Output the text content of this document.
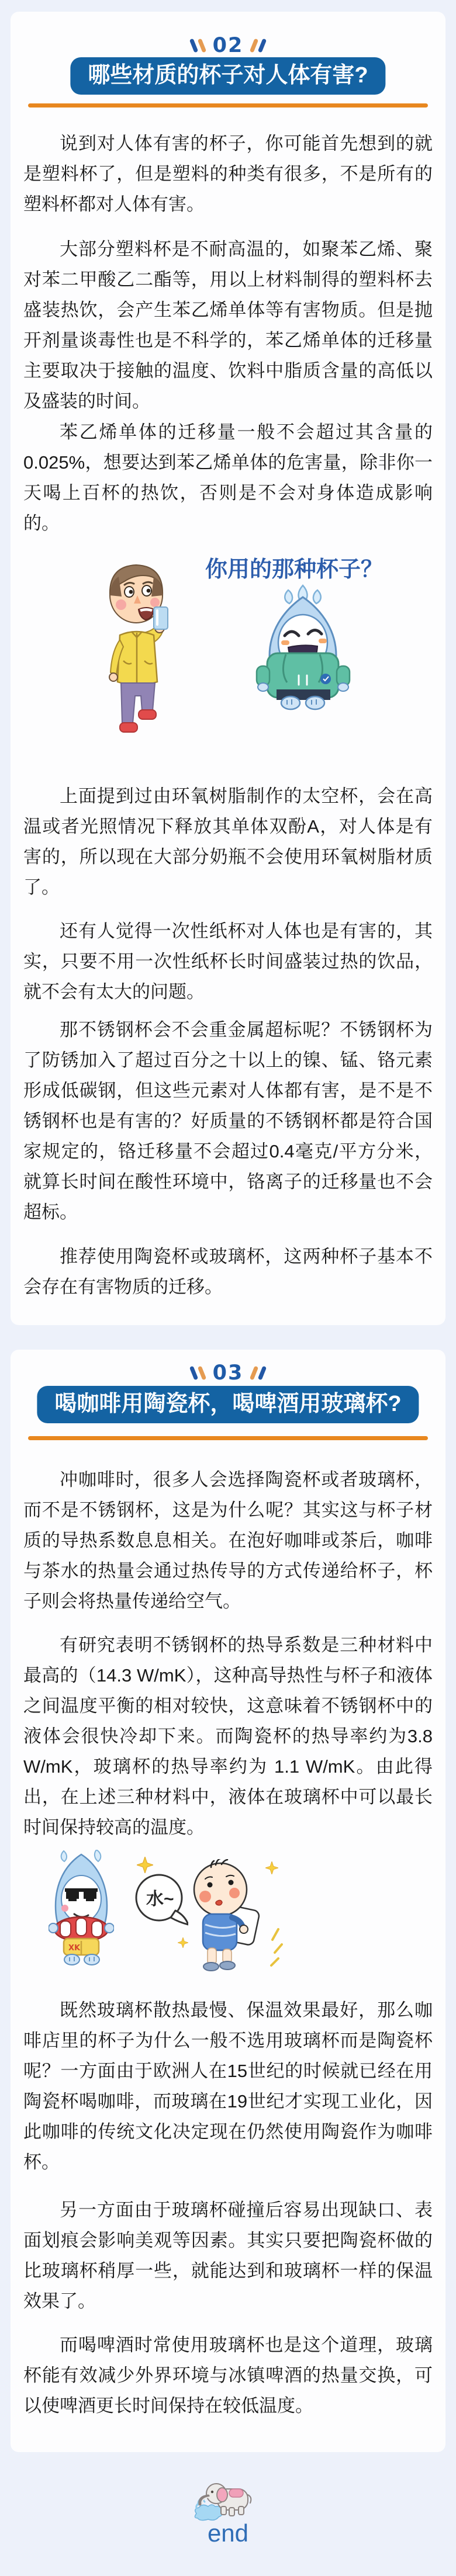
02
哪些材质的杯子对人体有害?

说到对人体有害的杯子，你可能首先想到的就是塑料杯了，但是塑料的种类有很多，不是所有的塑料杯都对人体有害。

大部分塑料杯是不耐高温的，如聚苯乙烯、聚对苯二甲酸乙二酯等，用以上材料制得的塑料杯去盛装热饮，会产生苯乙烯单体等有害物质。但是抛开剂量谈毒性也是不科学的，苯乙烯单体的迁移量主要取决于接触的温度、饮料中脂质含量的高低以及盛装的时间。

苯乙烯单体的迁移量一般不会超过其含量的0.025%，想要达到苯乙烯单体的危害量，除非你一天喝上百杯的热饮，否则是不会对身体造成影响的。

你用的那种杯子？

上面提到过由环氧树脂制作的太空杯，会在高温或者光照情况下释放其单体双酚A，对人体是有害的，所以现在大部分奶瓶不会使用环氧树脂材质了。

还有人觉得一次性纸杯对人体也是有害的，其实，只要不用一次性纸杯长时间盛装过热的饮品，就不会有太大的问题。

那不锈钢杯会不会重金属超标呢？不锈钢杯为了防锈加入了超过百分之十以上的镍、锰、铬元素形成低碳钢，但这些元素对人体都有害，是不是不锈钢杯也是有害的？好质量的不锈钢杯都是符合国家规定的，铬迁移量不会超过0.4毫克/平方分米，就算长时间在酸性环境中，铬离子的迁移量也不会超标。

推荐使用陶瓷杯或玻璃杯，这两种杯子基本不会存在有害物质的迁移。

03
喝咖啡用陶瓷杯，喝啤酒用玻璃杯?

冲咖啡时，很多人会选择陶瓷杯或者玻璃杯，而不是不锈钢杯，这是为什么呢？其实这与杯子材质的导热系数息息相关。在泡好咖啡或茶后，咖啡与茶水的热量会通过热传导的方式传递给杯子，杯子则会将热量传递给空气。

有研究表明不锈钢杯的热导系数是三种材料中最高的（14.3 W/mK），这种高导热性与杯子和液体之间温度平衡的相对较快，这意味着不锈钢杯中的液体会很快冷却下来。而陶瓷杯的热导率约为3.8 W/mK，玻璃杯的热导率约为 1.1 W/mK。由此得出，在上述三种材料中，液体在玻璃杯中可以最长时间保持较高的温度。

XK
水~

既然玻璃杯散热最慢、保温效果最好，那么咖啡店里的杯子为什么一般不选用玻璃杯而是陶瓷杯呢？一方面由于欧洲人在15世纪的时候就已经在用陶瓷杯喝咖啡，而玻璃在19世纪才实现工业化，因此咖啡的传统文化决定现在仍然使用陶瓷作为咖啡杯。

另一方面由于玻璃杯碰撞后容易出现缺口、表面划痕会影响美观等因素。其实只要把陶瓷杯做的比玻璃杯稍厚一些，就能达到和玻璃杯一样的保温效果了。

而喝啤酒时常使用玻璃杯也是这个道理，玻璃杯能有效减少外界环境与冰镇啤酒的热量交换，可以使啤酒更长时间保持在较低温度。

end
